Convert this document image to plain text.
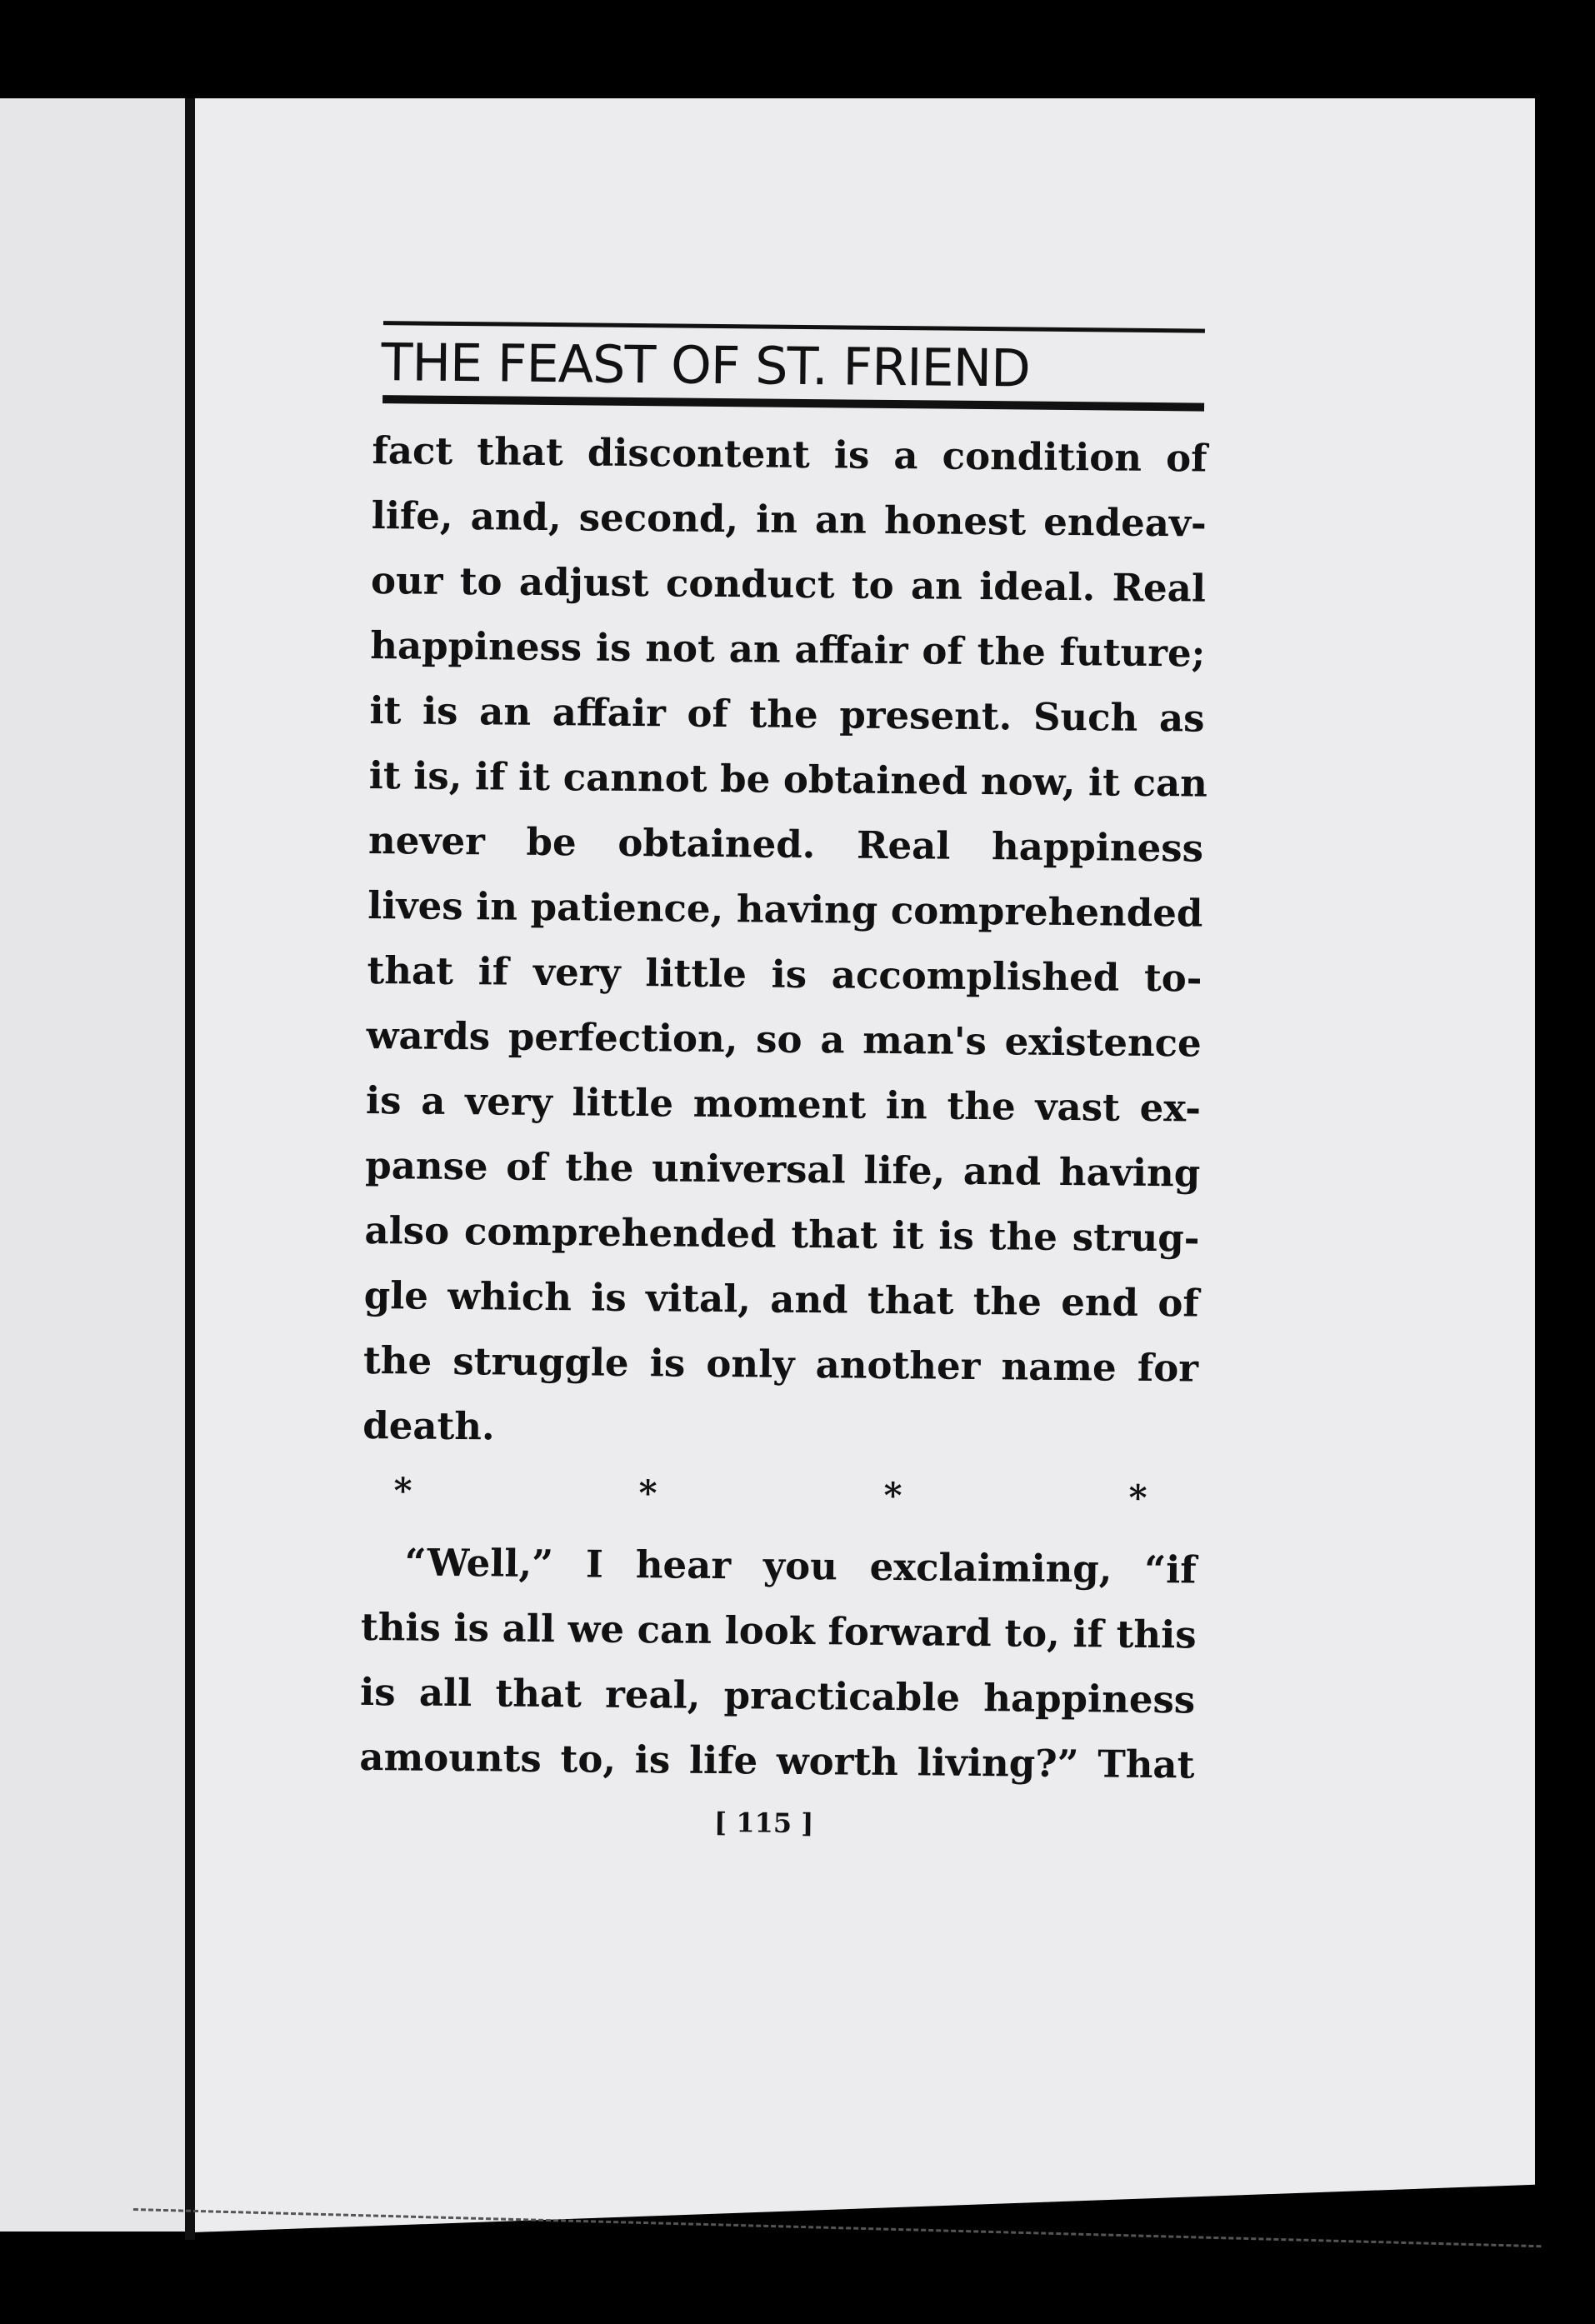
THE FEAST OF ST. FRIEND
fact that discontent is a condition of
life, and, second, in an honest endeav-
our to adjust conduct to an ideal. Real
happiness is not an affair of the future;
it is an affair of the present. Such as
it is, if it cannot be obtained now, it can
never be obtained. Real happiness
lives in patience, having comprehended
that if very little is accomplished to-
wards perfection, so a man's existence
is a very little moment in the vast ex-
panse of the universal life, and having
also comprehended that it is the strug-
gle which is vital, and that the end of
the struggle is only another name for
death.
*	*	*	*
“Well,” I hear you exclaiming, “if
this is all we can look forward to, if this
is all that real, practicable happiness
amounts to, is life worth living?” That
[ 115 ]
